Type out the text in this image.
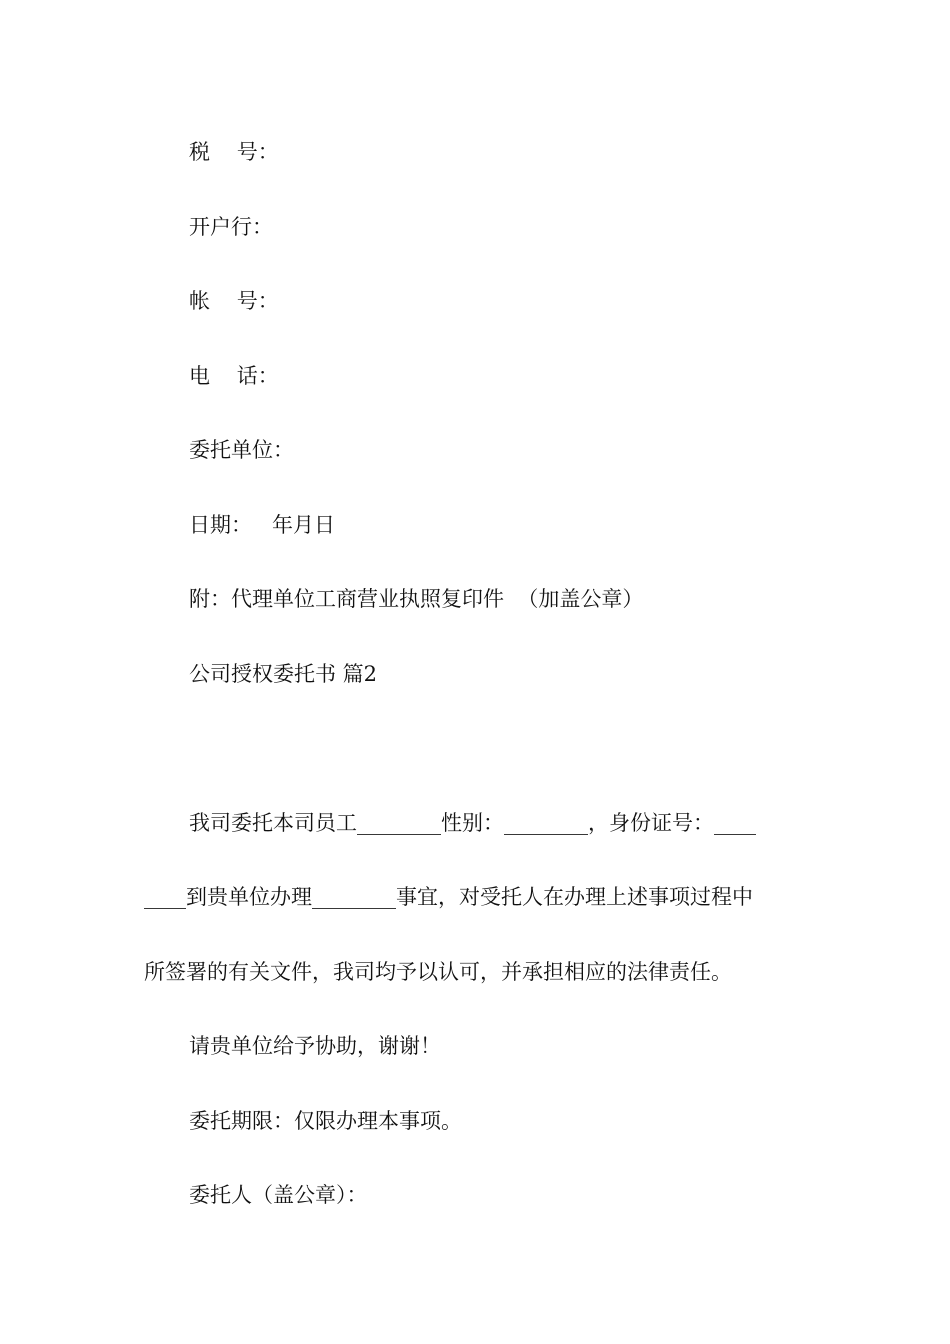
税    号：
开户行：
帐    号：
电    话：
委托单位：
日期：   年月日
附：代理单位工商营业执照复印件  （加盖公章）
公司授权委托书 篇2
我司委托本司员工________性别：________，身份证号：____
____到贵单位办理________事宜，对受托人在办理上述事项过程中
所签署的有关文件，我司均予以认可，并承担相应的法律责任。
请贵单位给予协助，谢谢！
委托期限：仅限办理本事项。
委托人（盖公章）：
